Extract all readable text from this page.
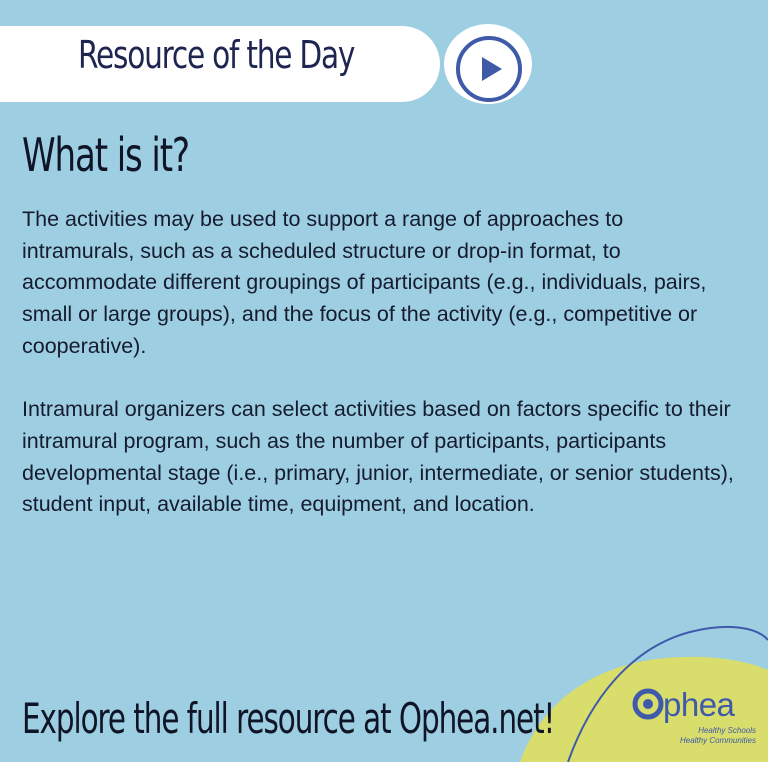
Resource of the Day
What is it?

The activities may be used to support a range of approaches to intramurals, such as a scheduled structure or drop-in format, to accommodate different groupings of participants (e.g., individuals, pairs, small or large groups), and the focus of the activity (e.g., competitive or cooperative).

Intramural organizers can select activities based on factors specific to their intramural program, such as the number of participants, participants developmental stage (i.e., primary, junior, intermediate, or senior students), student input, available time, equipment, and location.

Explore the full resource at Ophea.net!	phea
Healthy Schools
Healthy Communities
